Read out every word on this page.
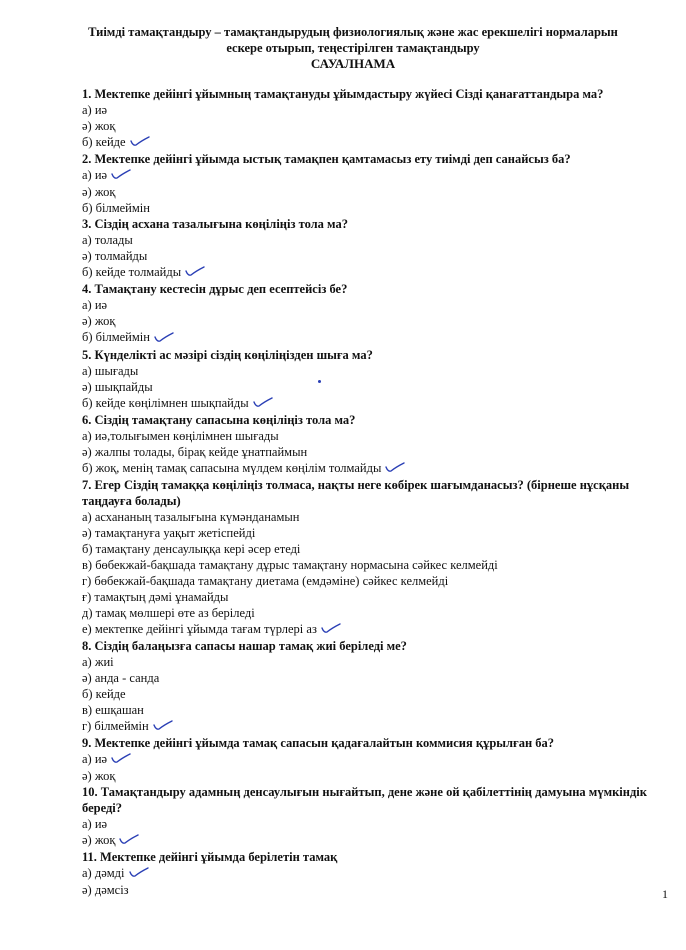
Тиімді тамақтандыру – тамақтандырудың физиологиялық және жас ерекшелігі нормаларын
ескере отырып, теңестірілген тамақтандыру
САУАЛНАМА
1. Мектепке дейінгі ұйымның тамақтануды ұйымдастыру жүйесі Сізді қанағаттандыра ма?
а) иә
ә) жоқ
б) кейде
2. Мектепке дейінгі ұйымда ыстық тамақпен қамтамасыз ету тиімді деп санайсыз ба?
а) иә
ә) жоқ
б) білмеймін
3. Сіздің асхана тазалығына көңіліңіз тола ма?
а) толады
ә) толмайды
б) кейде толмайды
4. Тамақтану кестесін дұрыс деп есептейсіз бе?
а) иә
ә) жоқ
б) білмеймін
5. Күнделікті ас мәзірі сіздің көңіліңізден шыға ма?
а) шығады
ә) шықпайды
б) кейде көңілімнен шықпайды
6. Сіздің тамақтану сапасына көңіліңіз тола ма?
а) иә,толығымен көңілімнен шығады
ә) жалпы толады, бірақ кейде ұнатпаймын
б) жоқ, менің тамақ сапасына мүлдем көңілім толмайды
7. Егер Сіздің тамаққа көңіліңіз толмаса, нақты неге көбірек шағымданасыз? (бірнеше нұсқаны таңдауға болады)
а) асхананың тазалығына күмәнданамын
ә) тамақтануға уақыт жетіспейді
б) тамақтану денсаулыққа кері әсер етеді
в) бөбекжай-бақшада тамақтану дұрыс тамақтану нормасына сәйкес келмейді
г) бөбекжай-бақшада тамақтану диетама (емдәміне) сәйкес келмейді
ғ) тамақтың дәмі ұнамайды
д) тамақ мөлшері өте аз беріледі
е) мектепке дейінгі ұйымда тағам түрлері аз
8. Сіздің балаңызға сапасы нашар тамақ жиі беріледі ме?
а) жиі
ә) анда - санда
б) кейде
в) ешқашан
г) білмеймін
9. Мектепке дейінгі ұйымда тамақ сапасын қадағалайтын коммисия құрылған ба?
а) иә
ә) жоқ
10. Тамақтандыру адамның денсаулығын нығайтып, дене және ой қабілеттінің дамуына мүмкіндік береді?
а) иә
ә) жоқ
11. Мектепке дейінгі ұйымда берілетін тамақ
а) дәмді
ә) дәмсіз	1
